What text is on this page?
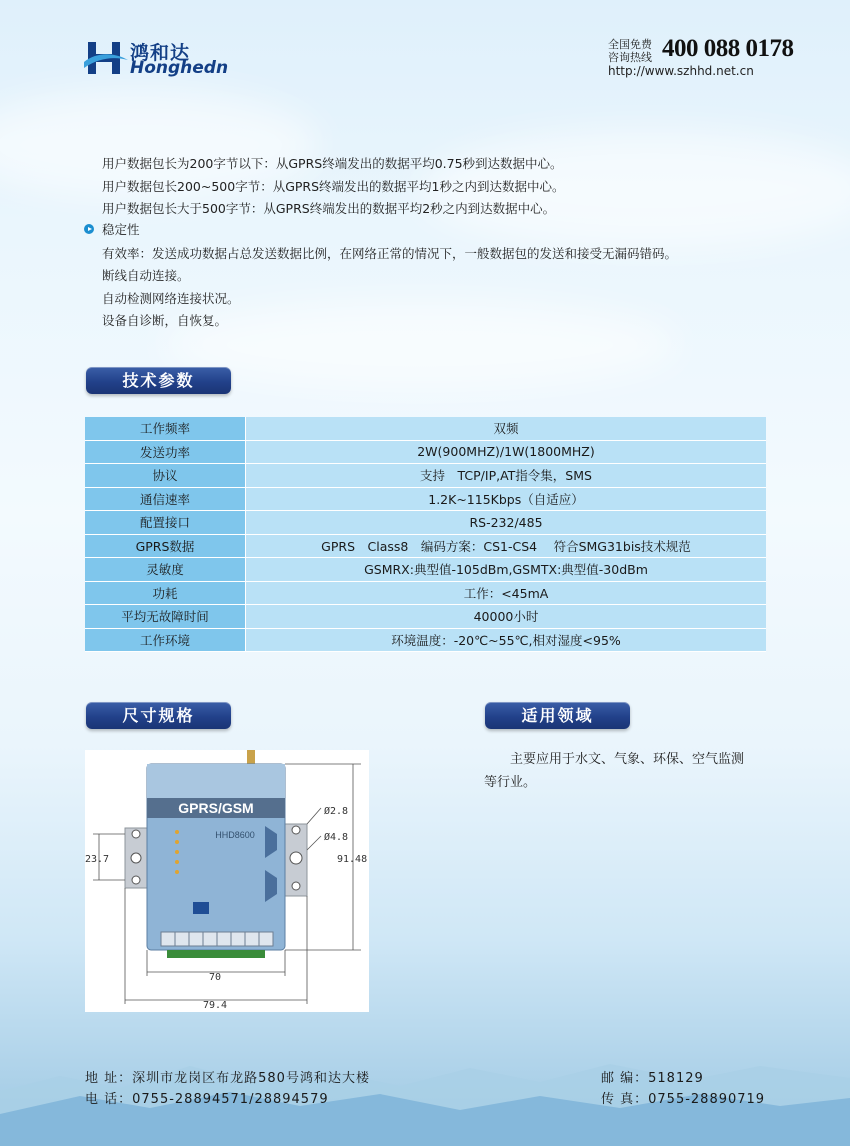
鸿和达
Honghedn
全国免费
咨询热线 400 088 0178
http://www.szhhd.net.cn
用户数据包长为200字节以下：从GPRS终端发出的数据平均0.75秒到达数据中心。
用户数据包长200~500字节：从GPRS终端发出的数据平均1秒之内到达数据中心。
用户数据包长大于500字节：从GPRS终端发出的数据平均2秒之内到达数据中心。
稳定性
有效率：发送成功数据占总发送数据比例，在网络正常的情况下，一般数据包的发送和接受无漏码错码。
断线自动连接。
自动检测网络连接状况。
设备自诊断，自恢复。
技术参数
工作频率	双频
发送功率	2W(900MHZ)/1W(1800MHZ)
协议	支持　TCP/IP,AT指令集，SMS
通信速率	1.2K~115Kbps（自适应）
配置接口	RS-232/485
GPRS数据	GPRS　Class8　编码方案：CS1-CS4　 符合SMG31bis技术规范
灵敏度	GSMRX:典型值-105dBm,GSMTX:典型值-30dBm
功耗	工作：<45mA
平均无故障时间	40000小时
工作环境	环境温度：-20℃~55℃,相对湿度<95%
尺寸规格	适用领域
主要应用于水文、气象、环保、空气监测等行业。
GPRS/GSM
HHD8600
Ø2.8
Ø4.8
91.48
23.7
70
79.4
地 址：深圳市龙岗区布龙路580号鸿和达大楼
电 话：0755-28894571/28894579
邮 编：518129
传 真：0755-28890719
